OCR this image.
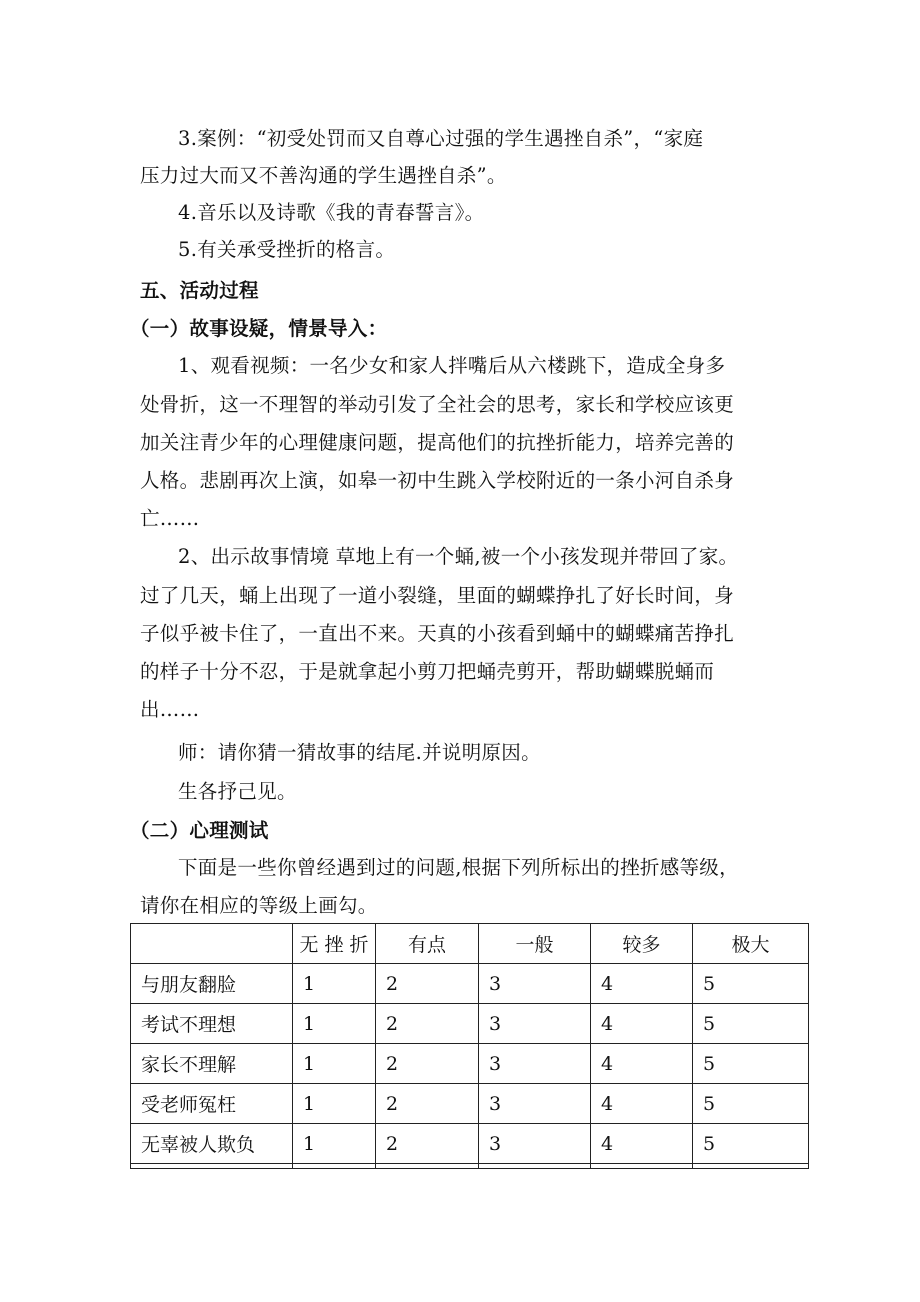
3.案例：“初受处罚而又自尊心过强的学生遇挫自杀”，“家庭
压力过大而又不善沟通的学生遇挫自杀”。
4.音乐以及诗歌《我的青春誓言》。
5.有关承受挫折的格言。
五、活动过程
（一）故事设疑，情景导入：
1、观看视频：一名少女和家人拌嘴后从六楼跳下，造成全身多
处骨折，这一不理智的举动引发了全社会的思考，家长和学校应该更
加关注青少年的心理健康问题，提高他们的抗挫折能力，培养完善的
人格。悲剧再次上演，如皋一初中生跳入学校附近的一条小河自杀身
亡……
2、出示故事情境 草地上有一个蛹,被一个小孩发现并带回了家。
过了几天，蛹上出现了一道小裂缝，里面的蝴蝶挣扎了好长时间，身
子似乎被卡住了，一直出不来。天真的小孩看到蛹中的蝴蝶痛苦挣扎
的样子十分不忍，于是就拿起小剪刀把蛹壳剪开，帮助蝴蝶脱蛹而
出……
师：请你猜一猜故事的结尾.并说明原因。
生各抒己见。
（二）心理测试
下面是一些你曾经遇到过的问题,根据下列所标出的挫折感等级，
请你在相应的等级上画勾。
	无 挫 折	有点	一般	较多	极大
与朋友翻脸	1	2	3	4	5
考试不理想	1	2	3	4	5
家长不理解	1	2	3	4	5
受老师冤枉	1	2	3	4	5
无辜被人欺负	1	2	3	4	5
